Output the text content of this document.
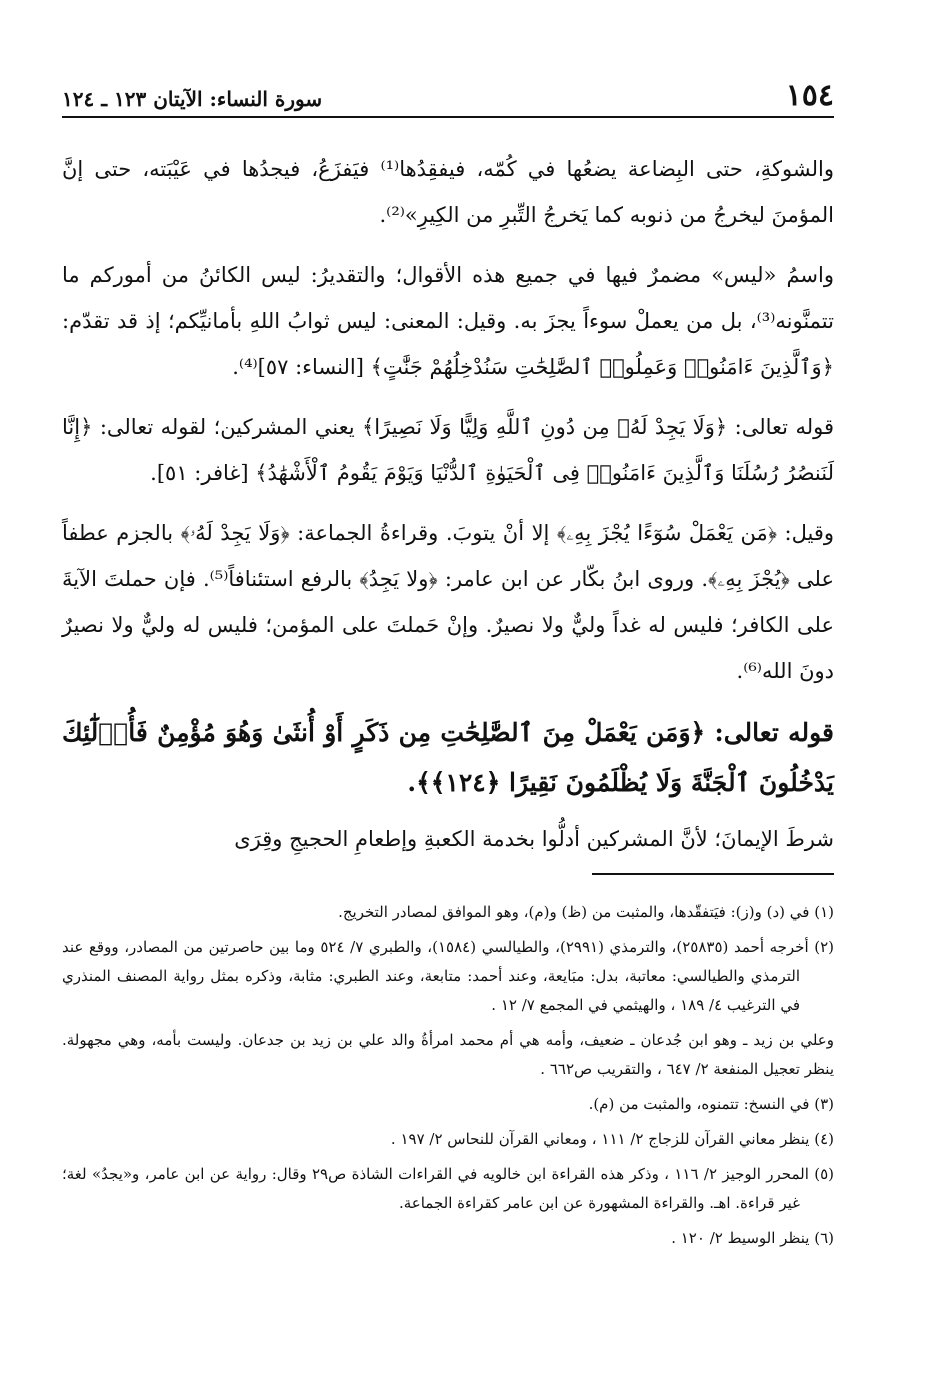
١٥٤
سورة النساء: الآيتان ١٢٣ ـ ١٢٤

والشوكةِ، حتى البِضاعة يضعُها في كُمّه، فيفقِدُها⁽¹⁾ فيَفزَعُ، فيجدُها في عَيْبَته، حتى إنَّ المؤمنَ ليخرجُ من ذنوبه كما يَخرجُ التِّبرِ من الكِيرِ»⁽²⁾.

واسمُ «ليس» مضمرٌ فيها في جميع هذه الأقوال؛ والتقديرُ: ليس الكائنُ من أموركم ما تتمنَّونه⁽³⁾، بل من يعملْ سوءاً يجزَ به. وقيل: المعنى: ليس ثوابُ اللهِ بأمانيِّكم؛ إذ قد تقدّم: ﴿وَٱلَّذِينَ ءَامَنُوا۟ وَعَمِلُوا۟ ٱلصَّٰلِحَٰتِ سَنُدْخِلُهُمْ جَنَّٰتٍ﴾ [النساء: ٥٧]⁽⁴⁾.

قوله تعالى: ﴿وَلَا يَجِدْ لَهُۥ مِن دُونِ ٱللَّهِ وَلِيًّا وَلَا نَصِيرًا﴾ يعني المشركين؛ لقوله تعالى: ﴿إِنَّا لَنَنصُرُ رُسُلَنَا وَٱلَّذِينَ ءَامَنُوا۟ فِى ٱلْحَيَوٰةِ ٱلدُّنْيَا وَيَوْمَ يَقُومُ ٱلْأَشْهَٰدُ﴾ [غافر: ٥١].

وقيل: ﴿مَن يَعْمَلْ سُوٓءًا يُجْزَ بِهِۦ﴾ إلا أنْ يتوبَ. وقراءةُ الجماعة: ﴿وَلَا يَجِدْ لَهُۥ﴾ بالجزم عطفاً على ﴿يُجْزَ بِهِۦ﴾. وروى ابنُ بكّار عن ابن عامر: ﴿ولا يَجِدُ﴾ بالرفع استئنافاً⁽⁵⁾. فإن حملتَ الآيةَ على الكافر؛ فليس له غداً وليٌّ ولا نصيرٌ. وإنْ حَملتَ على المؤمن؛ فليس له وليٌّ ولا نصيرٌ دونَ الله⁽⁶⁾.

قوله تعالى: ﴿وَمَن يَعْمَلْ مِنَ ٱلصَّٰلِحَٰتِ مِن ذَكَرٍ أَوْ أُنثَىٰ وَهُوَ مُؤْمِنٌ فَأُو۟لَٰٓئِكَ يَدْخُلُونَ ٱلْجَنَّةَ وَلَا يُظْلَمُونَ نَقِيرًا ﴿١٢٤﴾﴾.

شرطَ الإيمانَ؛ لأنَّ المشركين أدلُّوا بخدمة الكعبةِ وإطعامِ الحجيجِ وقِرَى

(١) في (د) و(ز): فيَتفقّدها، والمثبت من (ظ) و(م)، وهو الموافق لمصادر التخريج.

(٢) أخرجه أحمد (٢٥٨٣٥)، والترمذي (٢٩٩١)، والطيالسي (١٥٨٤)، والطبري ٧/ ٥٢٤ وما بين حاصرتين من المصادر، ووقع عند الترمذي والطيالسي: معاتبة، بدل: مبَايعة، وعند أحمد: متابعة، وعند الطبري: مثابة، وذكره بمثل رواية المصنف المنذري في الترغيب ٤/ ١٨٩ ، والهيثمي في المجمع ٧/ ١٢ .

وعلي بن زيد ـ وهو ابن جُدعان ـ ضعيف، وأمه هي أم محمد امرأةُ والد علي بن زيد بن جدعان. وليست بأمه، وهي مجهولة. ينظر تعجيل المنفعة ٢/ ٦٤٧ ، والتقريب ص٦٦٢ .

(٣) في النسخ: تتمنوه، والمثبت من (م).

(٤) ينظر معاني القرآن للزجاج ٢/ ١١١ ، ومعاني القرآن للنحاس ٢/ ١٩٧ .

(٥) المحرر الوجيز ٢/ ١١٦ ، وذكر هذه القراءة ابن خالويه في القراءات الشاذة ص٢٩ وقال: رواية عن ابن عامر، و«يجدُ» لغة؛ غير قراءة. اهـ. والقراءة المشهورة عن ابن عامر كقراءة الجماعة.

(٦) ينظر الوسيط ٢/ ١٢٠ .
